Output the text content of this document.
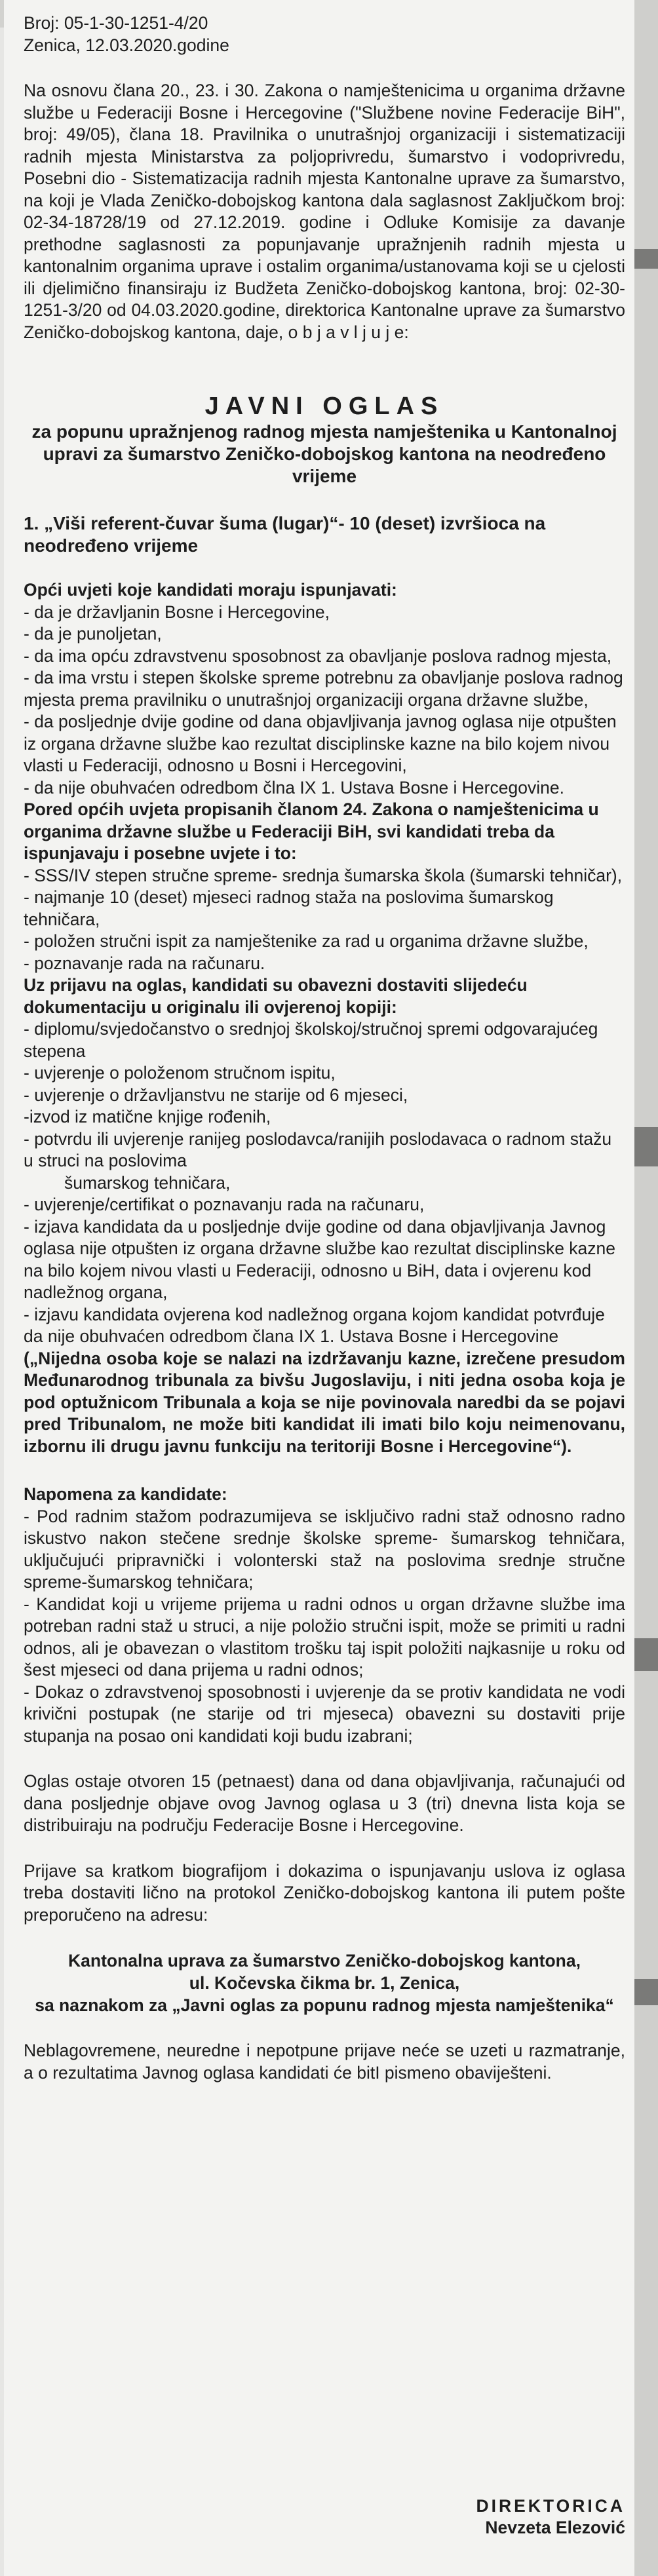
Broj: 05-1-30-1251-4/20

Zenica, 12.03.2020.godine

Na osnovu člana 20., 23. i 30. Zakona o namještenicima u organima državne službe u Federaciji Bosne i Hercegovine ("Službene novine Federacije BiH", broj: 49/05), člana 18. Pravilnika o unutrašnjoj organizaciji i sistematizaciji radnih mjesta Ministarstva za poljoprivredu, šumarstvo i vodoprivredu, Posebni dio - Sistematizacija radnih mjesta Kantonalne uprave za šumarstvo, na koji je Vlada Zeničko-dobojskog kantona dala saglasnost Zaključkom broj: 02-34-18728/19 od 27.12.2019. godine i Odluke Komisije za davanje prethodne saglasnosti za popunjavanje upražnjenih radnih mjesta u kantonalnim organima uprave i ostalim organima/ustanovama koji se u cjelosti ili djelimično finansiraju iz Budžeta Zeničko-dobojskog kantona, broj: 02-30-1251-3/20 od 04.03.2020.godine, direktorica Kantonalne uprave za šumarstvo Zeničko-dobojskog kantona, daje, o b j a v l j u j e:

JAVNI OGLAS

za popunu upražnjenog radnog mjesta namještenika u Kantonalnoj upravi za šumarstvo Zeničko-dobojskog kantona na neodređeno vrijeme

1. „Viši referent-čuvar šuma (lugar)“- 10 (deset) izvršioca na neodređeno vrijeme

Opći uvjeti koje kandidati moraju ispunjavati:

- da je državljanin Bosne i Hercegovine,
- da je punoljetan,
- da ima opću zdravstvenu sposobnost za obavljanje poslova radnog mjesta,
- da ima vrstu i stepen školske spreme potrebnu za obavljanje poslova radnog mjesta prema pravilniku o unutrašnjoj organizaciji organa državne službe,
- da posljednje dvije godine od dana objavljivanja javnog oglasa nije otpušten iz organa državne službe kao rezultat disciplinske kazne na bilo kojem nivou vlasti u Federaciji, odnosno u Bosni i Hercegovini,
- da nije obuhvaćen odredbom člna IX 1. Ustava Bosne i Hercegovine.

Pored općih uvjeta propisanih članom 24. Zakona o namještenicima u organima državne službe u Federaciji BiH, svi kandidati treba da ispunjavaju i posebne uvjete i to:

- SSS/IV stepen stručne spreme- srednja šumarska škola (šumarski tehničar),
- najmanje 10 (deset) mjeseci radnog staža na poslovima šumarskog tehničara,
- položen stručni ispit za namještenike za rad u organima državne službe,
- poznavanje rada na računaru.

Uz prijavu na oglas, kandidati su obavezni dostaviti slijedeću dokumentaciju u originalu ili ovjerenoj kopiji:

- diplomu/svjedočanstvo o srednjoj školskoj/stručnoj spremi odgovarajućeg stepena
- uvjerenje o položenom stručnom ispitu,
- uvjerenje o državljanstvu ne starije od 6 mjeseci,
-izvod iz matične knjige rođenih,
- potvrdu ili uvjerenje ranijeg poslodavca/ranijih poslodavaca o radnom stažu u struci na poslovima
šumarskog tehničara,
- uvjerenje/certifikat o poznavanju rada na računaru,
- izjava kandidata da u posljednje dvije godine od dana objavljivanja Javnog oglasa nije otpušten iz organa državne službe kao rezultat disciplinske kazne na bilo kojem nivou vlasti u Federaciji, odnosno u BiH, data i ovjerenu kod nadležnog organa,
- izjavu kandidata ovjerena kod nadležnog organa kojom kandidat potvrđuje da nije obuhvaćen odredbom člana IX 1. Ustava Bosne i Hercegovine

(„Nijedna osoba koje se nalazi na izdržavanju kazne, izrečene presudom Međunarodnog tribunala za bivšu Jugoslaviju, i niti jedna osoba koja je pod optužnicom Tribunala a koja se nije povinovala naredbi da se pojavi pred Tribunalom, ne može biti kandidat ili imati bilo koju neimenovanu, izbornu ili drugu javnu funkciju na teritoriji Bosne i Hercegovine“).

Napomena za kandidate:

- Pod radnim stažom podrazumijeva se isključivo radni staž odnosno radno iskustvo nakon stečene srednje školske spreme- šumarskog tehničara, uključujući pripravnički i volonterski staž na poslovima srednje stručne spreme-šumarskog tehničara;
- Kandidat koji u vrijeme prijema u radni odnos u organ državne službe ima potreban radni staž u struci, a nije položio stručni ispit, može se primiti u radni odnos, ali je obavezan o vlastitom trošku taj ispit položiti najkasnije u roku od šest mjeseci od dana prijema u radni odnos;
- Dokaz o zdravstvenoj sposobnosti i uvjerenje da se protiv kandidata ne vodi krivični postupak (ne starije od tri mjeseca) obavezni su dostaviti prije stupanja na posao oni kandidati koji budu izabrani;

Oglas ostaje otvoren 15 (petnaest) dana od dana objavljivanja, računajući od dana posljednje objave ovog Javnog oglasa u 3 (tri) dnevna lista koja se distribuiraju na području Federacije Bosne i Hercegovine.

Prijave sa kratkom biografijom i dokazima o ispunjavanju uslova iz oglasa treba dostaviti lično na protokol Zeničko-dobojskog kantona ili putem pošte preporučeno na adresu:

Kantonalna uprava za šumarstvo Zeničko-dobojskog kantona,
ul. Kočevska čikma br. 1, Zenica,
sa naznakom za „Javni oglas za popunu radnog mjesta namještenika“

Neblagovremene, neuredne i nepotpune prijave neće se uzeti u razmatranje, a o rezultatima Javnog oglasa kandidati će bitI pismeno obaviješteni.

DIREKTORICA
Nevzeta Elezović
